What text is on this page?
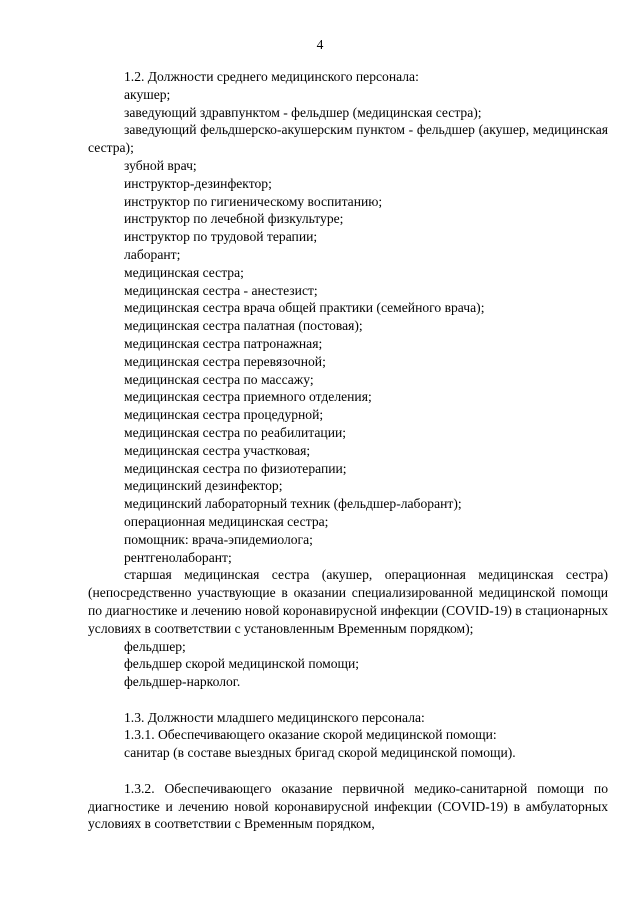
4
1.2. Должности среднего медицинского персонала:
акушер;
заведующий здравпунктом - фельдшер (медицинская сестра);

заведующий фельдшерско-акушерским пунктом - фельдшер (акушер, медицинская сестра);

зубной врач;
инструктор-дезинфектор;
инструктор по гигиеническому воспитанию;
инструктор по лечебной физкультуре;
инструктор по трудовой терапии;
лаборант;
медицинская сестра;
медицинская сестра - анестезист;
медицинская сестра врача общей практики (семейного врача);
медицинская сестра палатная (постовая);
медицинская сестра патронажная;
медицинская сестра перевязочной;
медицинская сестра по массажу;
медицинская сестра приемного отделения;
медицинская сестра процедурной;
медицинская сестра по реабилитации;
медицинская сестра участковая;
медицинская сестра по физиотерапии;
медицинский дезинфектор;
медицинский лабораторный техник (фельдшер-лаборант);
операционная медицинская сестра;
помощник: врача-эпидемиолога;
рентгенолаборант;

старшая медицинская сестра (акушер, операционная медицинская сестра) (непосредственно участвующие в оказании специализированной медицинской помощи по диагностике и лечению новой коронавирусной инфекции (COVID-19) в стационарных условиях в соответствии с установленным Временным порядком);

фельдшер;
фельдшер скорой медицинской помощи;
фельдшер-нарколог.
1.3. Должности младшего медицинского персонала:
1.3.1. Обеспечивающего оказание скорой медицинской помощи:
санитар (в составе выездных бригад скорой медицинской помощи).

1.3.2. Обеспечивающего оказание первичной медико-санитарной помощи по диагностике и лечению новой коронавирусной инфекции (COVID-19) в амбулаторных условиях в соответствии с Временным порядком,
